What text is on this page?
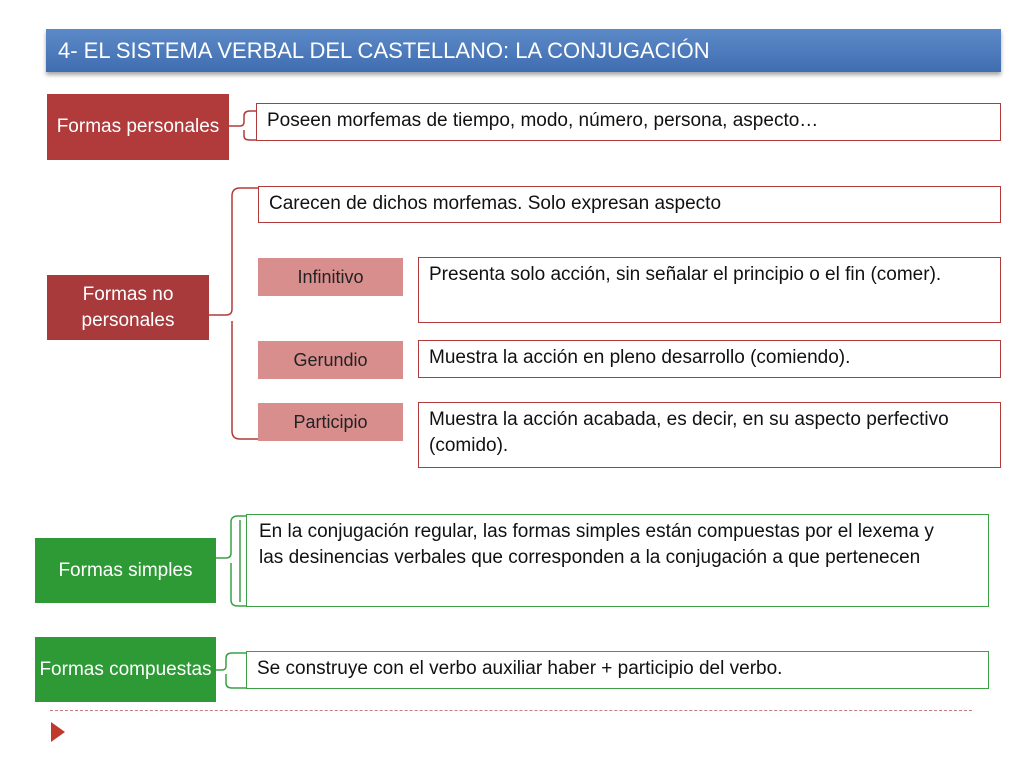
4- EL SISTEMA VERBAL DEL CASTELLANO: LA CONJUGACIÓN
Formas personales	Poseen morfemas de tiempo, modo, número, persona, aspecto…
Carecen de dichos morfemas. Solo expresan aspecto
Formas no personales
Infinitivo	Presenta solo acción, sin señalar el principio o el fin (comer).
Gerundio	Muestra la acción en pleno desarrollo (comiendo).
Participio	Muestra la acción acabada, es decir, en su aspecto perfectivo
(comido).
Formas simples
En la conjugación regular, las formas simples están compuestas por el lexema y
las desinencias verbales que corresponden a la conjugación a que pertenecen
Formas compuestas	Se construye con el verbo auxiliar haber + participio del verbo.
